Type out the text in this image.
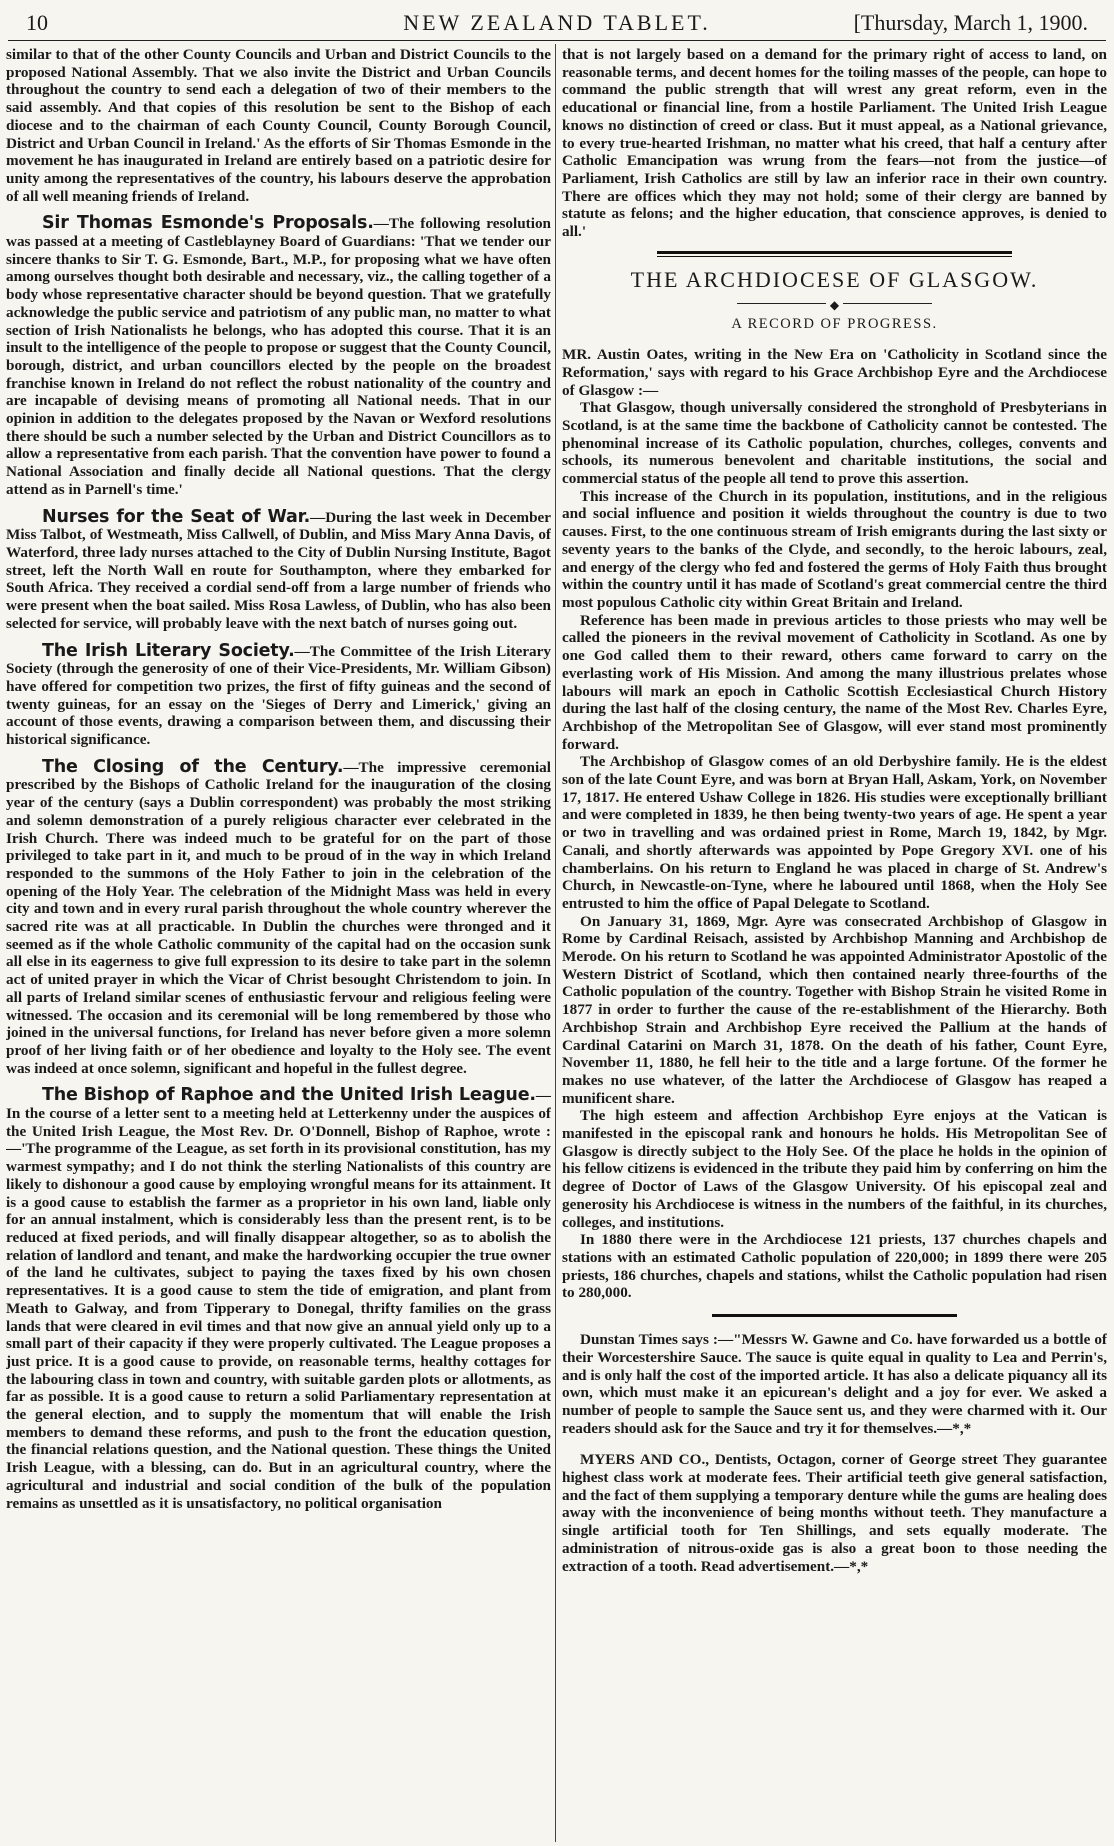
10	NEW ZEALAND TABLET.	[Thursday, March 1, 1900.

similar to that of the other County Councils and Urban and District Councils to the proposed National Assembly. That we also invite the District and Urban Councils throughout the country to send each a delegation of two of their members to the said assembly. And that copies of this resolution be sent to the Bishop of each diocese and to the chairman of each County Council, County Borough Council, District and Urban Council in Ireland.' As the efforts of Sir Thomas Esmonde in the movement he has inaugurated in Ireland are entirely based on a patriotic desire for unity among the representatives of the country, his labours deserve the approbation of all well meaning friends of Ireland.

Sir Thomas Esmonde's Proposals.—The following resolution was passed at a meeting of Castleblayney Board of Guardians: 'That we tender our sincere thanks to Sir T. G. Esmonde, Bart., M.P., for proposing what we have often among ourselves thought both desirable and necessary, viz., the calling together of a body whose representative character should be beyond question. That we gratefully acknowledge the public service and patriotism of any public man, no matter to what section of Irish Nationalists he belongs, who has adopted this course. That it is an insult to the intelligence of the people to propose or suggest that the County Council, borough, district, and urban councillors elected by the people on the broadest franchise known in Ireland do not reflect the robust nationality of the country and are incapable of devising means of promoting all National needs. That in our opinion in addition to the delegates proposed by the Navan or Wexford resolutions there should be such a number selected by the Urban and District Councillors as to allow a representative from each parish. That the convention have power to found a National Association and finally decide all National questions. That the clergy attend as in Parnell's time.'

Nurses for the Seat of War.—During the last week in December Miss Talbot, of Westmeath, Miss Callwell, of Dublin, and Miss Mary Anna Davis, of Waterford, three lady nurses attached to the City of Dublin Nursing Institute, Bagot street, left the North Wall en route for Southampton, where they embarked for South Africa. They received a cordial send-off from a large number of friends who were present when the boat sailed. Miss Rosa Lawless, of Dublin, who has also been selected for service, will probably leave with the next batch of nurses going out.

The Irish Literary Society.—The Committee of the Irish Literary Society (through the generosity of one of their Vice-Presidents, Mr. William Gibson) have offered for competition two prizes, the first of fifty guineas and the second of twenty guineas, for an essay on the 'Sieges of Derry and Limerick,' giving an account of those events, drawing a comparison between them, and discussing their historical significance.

The Closing of the Century.—The impressive ceremonial prescribed by the Bishops of Catholic Ireland for the inauguration of the closing year of the century (says a Dublin correspondent) was probably the most striking and solemn demonstration of a purely religious character ever celebrated in the Irish Church. There was indeed much to be grateful for on the part of those privileged to take part in it, and much to be proud of in the way in which Ireland responded to the summons of the Holy Father to join in the celebration of the opening of the Holy Year. The celebration of the Midnight Mass was held in every city and town and in every rural parish throughout the whole country wherever the sacred rite was at all practicable. In Dublin the churches were thronged and it seemed as if the whole Catholic community of the capital had on the occasion sunk all else in its eagerness to give full expression to its desire to take part in the solemn act of united prayer in which the Vicar of Christ besought Christendom to join. In all parts of Ireland similar scenes of enthusiastic fervour and religious feeling were witnessed. The occasion and its ceremonial will be long remembered by those who joined in the universal functions, for Ireland has never before given a more solemn proof of her living faith or of her obedience and loyalty to the Holy see. The event was indeed at once solemn, significant and hopeful in the fullest degree.

The Bishop of Raphoe and the United Irish League.—In the course of a letter sent to a meeting held at Letterkenny under the auspices of the United Irish League, the Most Rev. Dr. O'Donnell, Bishop of Raphoe, wrote :—'The programme of the League, as set forth in its provisional constitution, has my warmest sympathy; and I do not think the sterling Nationalists of this country are likely to dishonour a good cause by employing wrongful means for its attainment. It is a good cause to establish the farmer as a proprietor in his own land, liable only for an annual instalment, which is considerably less than the present rent, is to be reduced at fixed periods, and will finally disappear altogether, so as to abolish the relation of landlord and tenant, and make the hardworking occupier the true owner of the land he cultivates, subject to paying the taxes fixed by his own chosen representatives. It is a good cause to stem the tide of emigration, and plant from Meath to Galway, and from Tipperary to Donegal, thrifty families on the grass lands that were cleared in evil times and that now give an annual yield only up to a small part of their capacity if they were properly cultivated. The League proposes a just price. It is a good cause to provide, on reasonable terms, healthy cottages for the labouring class in town and country, with suitable garden plots or allotments, as far as possible. It is a good cause to return a solid Parliamentary representation at the general election, and to supply the momentum that will enable the Irish members to demand these reforms, and push to the front the education question, the financial relations question, and the National question. These things the United Irish League, with a blessing, can do. But in an agricultural country, where the agricultural and industrial and social condition of the bulk of the population remains as unsettled as it is unsatisfactory, no political organisation

that is not largely based on a demand for the primary right of access to land, on reasonable terms, and decent homes for the toiling masses of the people, can hope to command the public strength that will wrest any great reform, even in the educational or financial line, from a hostile Parliament. The United Irish League knows no distinction of creed or class. But it must appeal, as a National grievance, to every true-hearted Irishman, no matter what his creed, that half a century after Catholic Emancipation was wrung from the fears—not from the justice—of Parliament, Irish Catholics are still by law an inferior race in their own country. There are offices which they may not hold; some of their clergy are banned by statute as felons; and the higher education, that conscience approves, is denied to all.'

THE ARCHDIOCESE OF GLASGOW.
◆
A RECORD OF PROGRESS.

MR. Austin Oates, writing in the New Era on 'Catholicity in Scotland since the Reformation,' says with regard to his Grace Archbishop Eyre and the Archdiocese of Glasgow :—

That Glasgow, though universally considered the stronghold of Presbyterians in Scotland, is at the same time the backbone of Catholicity cannot be contested. The phenominal increase of its Catholic population, churches, colleges, convents and schools, its numerous benevolent and charitable institutions, the social and commercial status of the people all tend to prove this assertion.

This increase of the Church in its population, institutions, and in the religious and social influence and position it wields throughout the country is due to two causes. First, to the one continuous stream of Irish emigrants during the last sixty or seventy years to the banks of the Clyde, and secondly, to the heroic labours, zeal, and energy of the clergy who fed and fostered the germs of Holy Faith thus brought within the country until it has made of Scotland's great commercial centre the third most populous Catholic city within Great Britain and Ireland.

Reference has been made in previous articles to those priests who may well be called the pioneers in the revival movement of Catholicity in Scotland. As one by one God called them to their reward, others came forward to carry on the everlasting work of His Mission. And among the many illustrious prelates whose labours will mark an epoch in Catholic Scottish Ecclesiastical Church History during the last half of the closing century, the name of the Most Rev. Charles Eyre, Archbishop of the Metropolitan See of Glasgow, will ever stand most prominently forward.

The Archbishop of Glasgow comes of an old Derbyshire family. He is the eldest son of the late Count Eyre, and was born at Bryan Hall, Askam, York, on November 17, 1817. He entered Ushaw College in 1826. His studies were exceptionally brilliant and were completed in 1839, he then being twenty-two years of age. He spent a year or two in travelling and was ordained priest in Rome, March 19, 1842, by Mgr. Canali, and shortly afterwards was appointed by Pope Gregory XVI. one of his chamberlains. On his return to England he was placed in charge of St. Andrew's Church, in Newcastle-on-Tyne, where he laboured until 1868, when the Holy See entrusted to him the office of Papal Delegate to Scotland.

On January 31, 1869, Mgr. Ayre was consecrated Archbishop of Glasgow in Rome by Cardinal Reisach, assisted by Archbishop Manning and Archbishop de Merode. On his return to Scotland he was appointed Administrator Apostolic of the Western District of Scotland, which then contained nearly three-fourths of the Catholic population of the country. Together with Bishop Strain he visited Rome in 1877 in order to further the cause of the re-establishment of the Hierarchy. Both Archbishop Strain and Archbishop Eyre received the Pallium at the hands of Cardinal Catarini on March 31, 1878. On the death of his father, Count Eyre, November 11, 1880, he fell heir to the title and a large fortune. Of the former he makes no use whatever, of the latter the Archdiocese of Glasgow has reaped a munificent share.

The high esteem and affection Archbishop Eyre enjoys at the Vatican is manifested in the episcopal rank and honours he holds. His Metropolitan See of Glasgow is directly subject to the Holy See. Of the place he holds in the opinion of his fellow citizens is evidenced in the tribute they paid him by conferring on him the degree of Doctor of Laws of the Glasgow University. Of his episcopal zeal and generosity his Archdiocese is witness in the numbers of the faithful, in its churches, colleges, and institutions.

In 1880 there were in the Archdiocese 121 priests, 137 churches chapels and stations with an estimated Catholic population of 220,000; in 1899 there were 205 priests, 186 churches, chapels and stations, whilst the Catholic population had risen to 280,000.

Dunstan Times says :—"Messrs W. Gawne and Co. have forwarded us a bottle of their Worcestershire Sauce. The sauce is quite equal in quality to Lea and Perrin's, and is only half the cost of the imported article. It has also a delicate piquancy all its own, which must make it an epicurean's delight and a joy for ever. We asked a number of people to sample the Sauce sent us, and they were charmed with it. Our readers should ask for the Sauce and try it for themselves.—*,*

MYERS AND CO., Dentists, Octagon, corner of George street They guarantee highest class work at moderate fees. Their artificial teeth give general satisfaction, and the fact of them supplying a temporary denture while the gums are healing does away with the inconvenience of being months without teeth. They manufacture a single artificial tooth for Ten Shillings, and sets equally moderate. The administration of nitrous-oxide gas is also a great boon to those needing the extraction of a tooth. Read advertisement.—*,*
